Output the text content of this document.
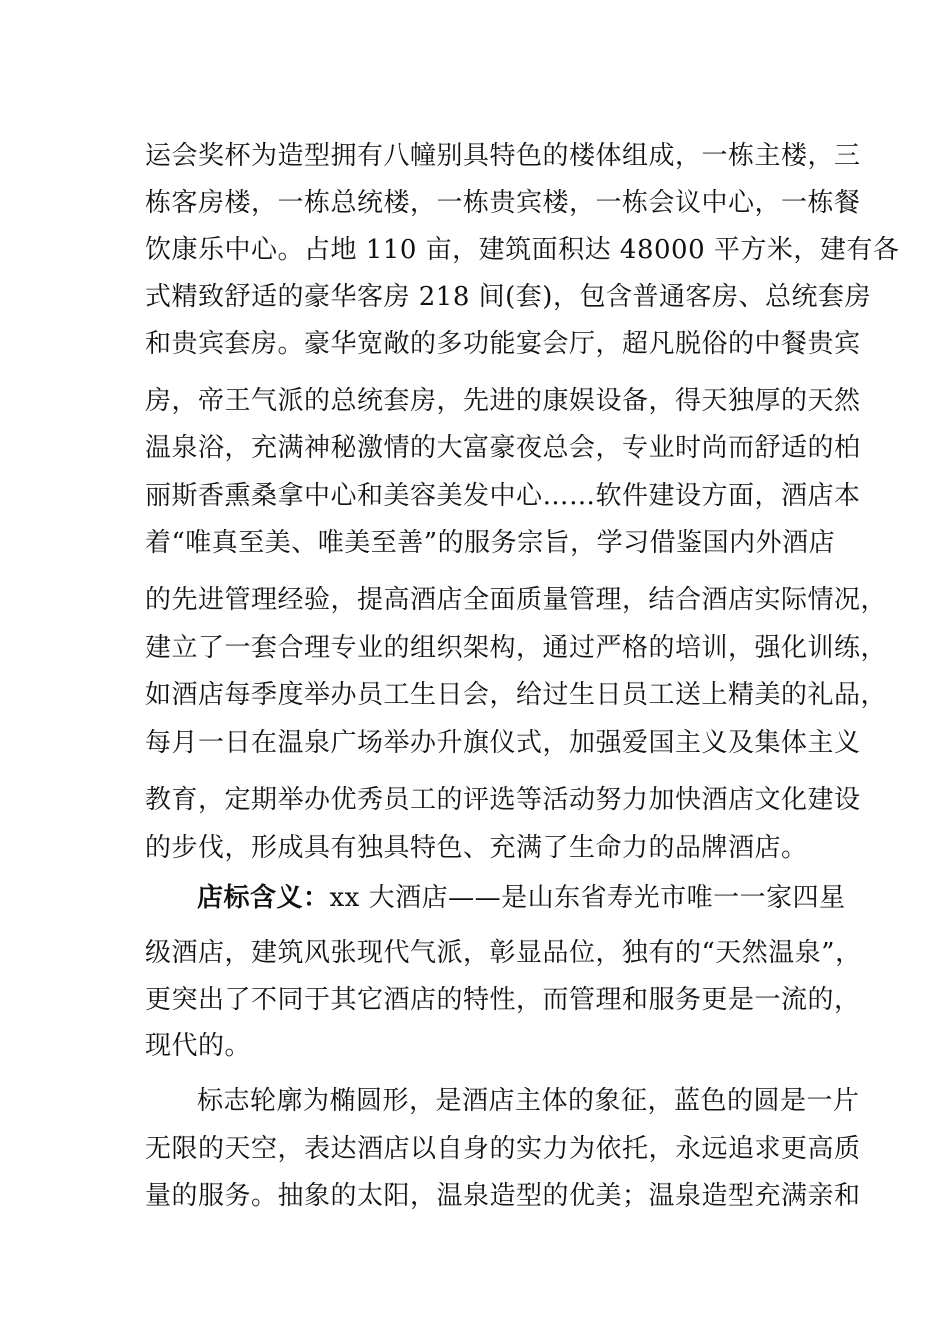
运会奖杯为造型拥有八幢别具特色的楼体组成，一栋主楼，三
栋客房楼，一栋总统楼，一栋贵宾楼，一栋会议中心，一栋餐
饮康乐中心。占地 110 亩，建筑面积达 48000 平方米，建有各
式精致舒适的豪华客房 218 间(套)，包含普通客房、总统套房
和贵宾套房。豪华宽敞的多功能宴会厅，超凡脱俗的中餐贵宾
房，帝王气派的总统套房，先进的康娱设备，得天独厚的天然
温泉浴，充满神秘激情的大富豪夜总会，专业时尚而舒适的柏
丽斯香熏桑拿中心和美容美发中心……软件建设方面，酒店本
着“唯真至美、唯美至善”的服务宗旨，学习借鉴国内外酒店
的先进管理经验，提高酒店全面质量管理，结合酒店实际情况，
建立了一套合理专业的组织架构，通过严格的培训，强化训练，
如酒店每季度举办员工生日会，给过生日员工送上精美的礼品，
每月一日在温泉广场举办升旗仪式，加强爱国主义及集体主义
教育，定期举办优秀员工的评选等活动努力加快酒店文化建设
的步伐，形成具有独具特色、充满了生命力的品牌酒店。
店标含义：xx 大酒店——是山东省寿光市唯一一家四星
级酒店，建筑风张现代气派，彰显品位，独有的“天然温泉”，
更突出了不同于其它酒店的特性，而管理和服务更是一流的，
现代的。
标志轮廓为椭圆形，是酒店主体的象征，蓝色的圆是一片
无限的天空，表达酒店以自身的实力为依托，永远追求更高质
量的服务。抽象的太阳，温泉造型的优美；温泉造型充满亲和
